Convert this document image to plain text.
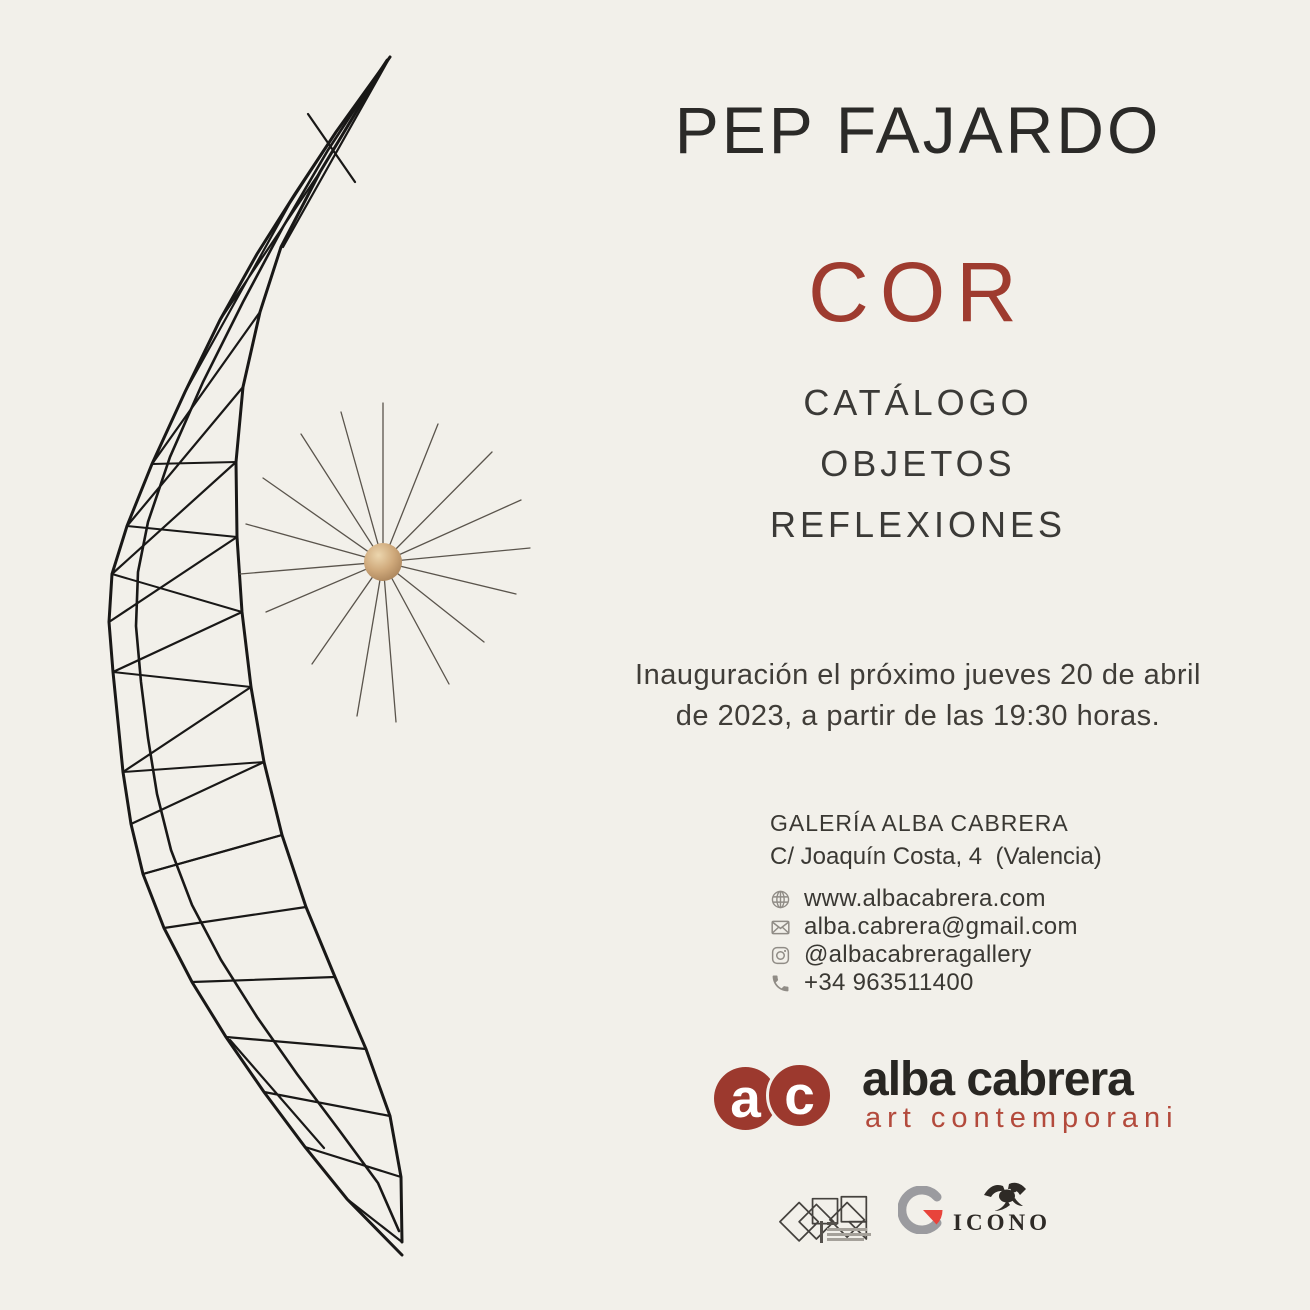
PEP FAJARDO
COR
CATÁLOGO
OBJETOS
REFLEXIONES
Inauguración el próximo jueves 20 de abril
de 2023, a partir de las 19:30 horas.
GALERÍA ALBA CABRERA
C/ Joaquín Costa, 4  (Valencia)
www.albacabrera.com
alba.cabrera@gmail.com
@albacabreragallery
+34 963511400
a c alba cabrera
art contemporani
ICONO
